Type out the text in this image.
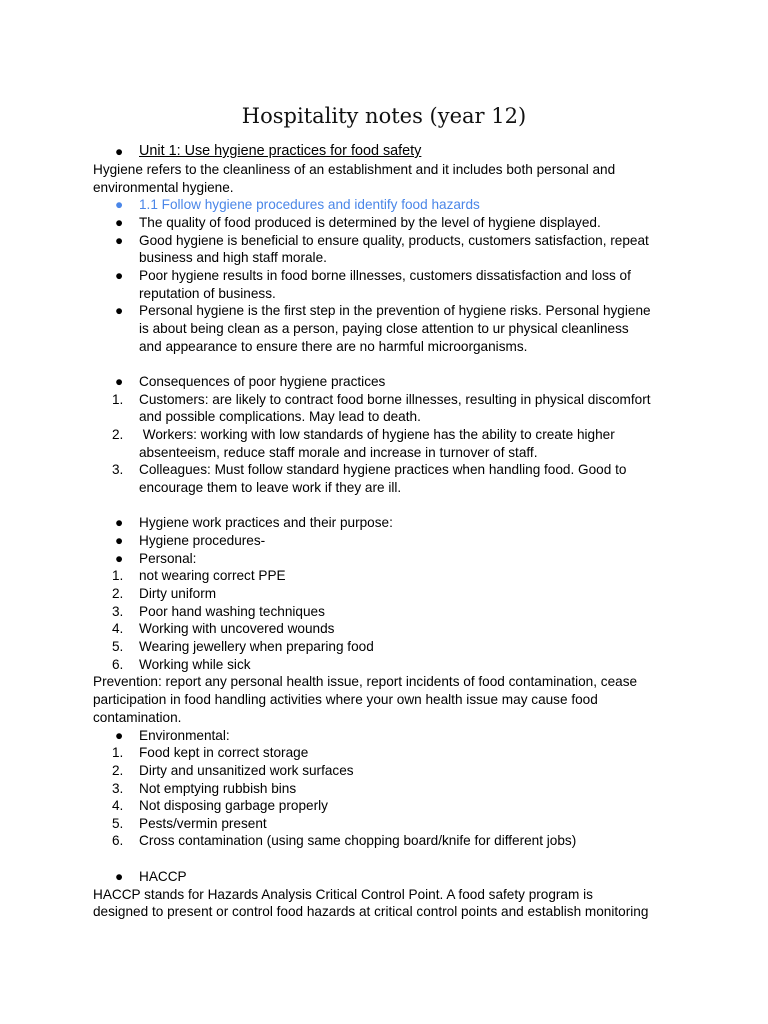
Hospitality notes (year 12)
● Unit 1: Use hygiene practices for food safety
Hygiene refers to the cleanliness of an establishment and it includes both personal and
environmental hygiene.
● 1.1 Follow hygiene procedures and identify food hazards
● The quality of food produced is determined by the level of hygiene displayed.
● Good hygiene is beneficial to ensure quality, products, customers satisfaction, repeat
business and high staff morale.
● Poor hygiene results in food borne illnesses, customers dissatisfaction and loss of
reputation of business.
● Personal hygiene is the first step in the prevention of hygiene risks. Personal hygiene
is about being clean as a person, paying close attention to ur physical cleanliness
and appearance to ensure there are no harmful microorganisms.
● Consequences of poor hygiene practices
1.	Customers: are likely to contract food borne illnesses, resulting in physical discomfort
and possible complications. May lead to death.
2.	Workers: working with low standards of hygiene has the ability to create higher
absenteeism, reduce staff morale and increase in turnover of staff.
3.	Colleagues: Must follow standard hygiene practices when handling food. Good to
encourage them to leave work if they are ill.
● Hygiene work practices and their purpose:
● Hygiene procedures-
● Personal:
1.	not wearing correct PPE
2.	Dirty uniform
3.	Poor hand washing techniques
4.	Working with uncovered wounds
5.	Wearing jewellery when preparing food
6.	Working while sick
Prevention: report any personal health issue, report incidents of food contamination, cease
participation in food handling activities where your own health issue may cause food
contamination.
● Environmental:
1.	Food kept in correct storage
2.	Dirty and unsanitized work surfaces
3.	Not emptying rubbish bins
4.	Not disposing garbage properly
5.	Pests/vermin present
6.	Cross contamination (using same chopping board/knife for different jobs)
● HACCP
HACCP stands for Hazards Analysis Critical Control Point. A food safety program is
designed to present or control food hazards at critical control points and establish monitoring
